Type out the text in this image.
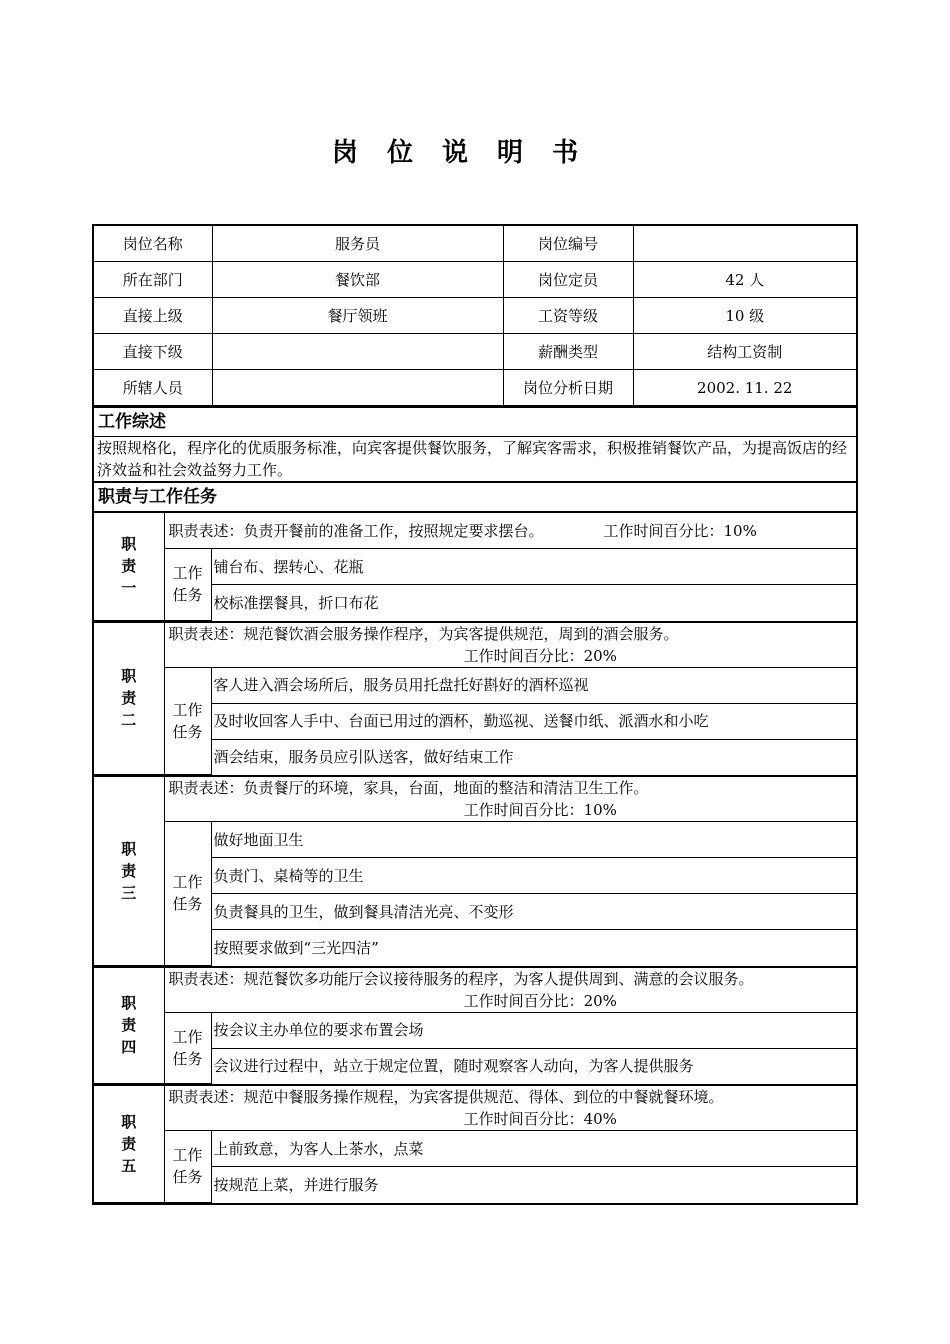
岗 位 说 明 书
岗位名称	服务员	岗位编号	
所在部门	餐饮部	岗位定员	42 人
直接上级	餐厅领班	工资等级	10 级
直接下级		薪酬类型	结构工资制
所辖人员		岗位分析日期	2002. 11. 22
工作综述
按照规格化，程序化的优质服务标准，向宾客提供餐饮服务，了解宾客需求，积极推销餐饮产品，为提高饭店的经济效益和社会效益努力工作。
职责与工作任务
职
责
一	职责表述：负责开餐前的准备工作，按照规定要求摆台。 工作时间百分比：10%	

	工作
任务	铺台布、摆转心、花瓶
		校标准摆餐具，折口布花
职
责
二	职责表述：规范餐饮酒会服务操作程序，为宾客提供规范，周到的酒会服务。
工作时间百分比：20%	

	工作
任务	客人进入酒会场所后，服务员用托盘托好斟好的酒杯巡视
		及时收回客人手中、台面已用过的酒杯，勤巡视、送餐巾纸、派酒水和小吃
		酒会结束，服务员应引队送客，做好结束工作
职
责
三	职责表述：负责餐厅的环境，家具，台面，地面的整洁和清洁卫生工作。
工作时间百分比：10%	

	工作
任务	做好地面卫生
		负责门、桌椅等的卫生
		负责餐具的卫生，做到餐具清洁光亮、不变形
		按照要求做到“三光四洁”
职
责
四	职责表述：规范餐饮多功能厅会议接待服务的程序，为客人提供周到、满意的会议服务。
工作时间百分比：20%	

	工作
任务	按会议主办单位的要求布置会场
		会议进行过程中，站立于规定位置，随时观察客人动向，为客人提供服务
职
责
五	职责表述：规范中餐服务操作规程，为宾客提供规范、得体、到位的中餐就餐环境。
工作时间百分比：40%	

	工作
任务	上前致意，为客人上茶水，点菜
		按规范上菜，并进行服务
